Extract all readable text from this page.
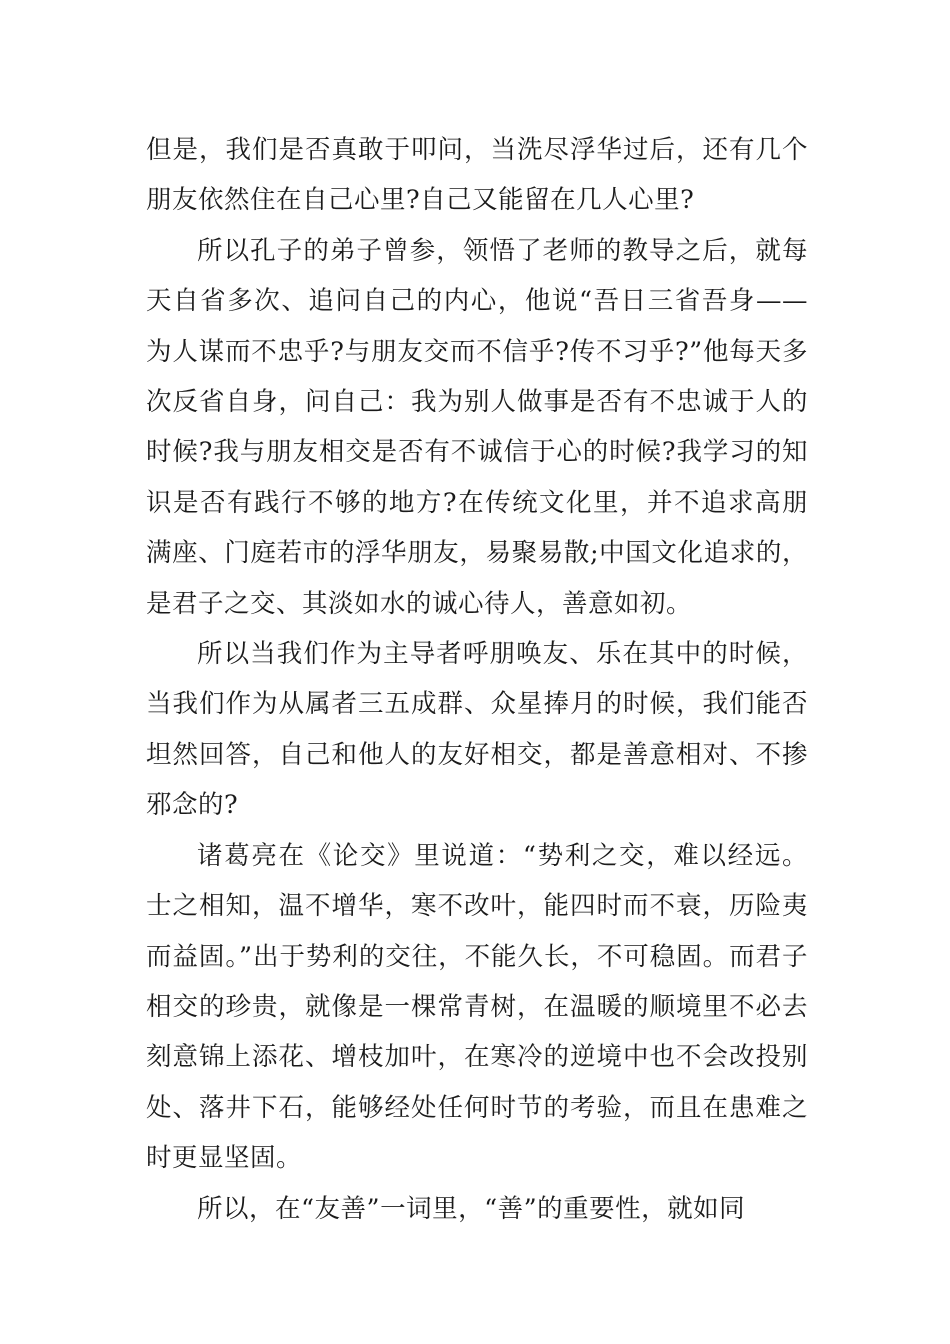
但是，我们是否真敢于叩问，当洗尽浮华过后，还有几个朋友依然住在自己心里?自己又能留在几人心里?

所以孔子的弟子曾参，领悟了老师的教导之后，就每天自省多次、追问自己的内心，他说“吾日三省吾身——为人谋而不忠乎?与朋友交而不信乎?传不习乎?”他每天多次反省自身，问自己：我为别人做事是否有不忠诚于人的时候?我与朋友相交是否有不诚信于心的时候?我学习的知识是否有践行不够的地方?在传统文化里，并不追求高朋满座、门庭若市的浮华朋友，易聚易散;中国文化追求的，是君子之交、其淡如水的诚心待人，善意如初。

所以当我们作为主导者呼朋唤友、乐在其中的时候，当我们作为从属者三五成群、众星捧月的时候，我们能否坦然回答，自己和他人的友好相交，都是善意相对、不掺邪念的?

诸葛亮在《论交》里说道：“势利之交，难以经远。士之相知，温不增华，寒不改叶，能四时而不衰，历险夷而益固。”出于势利的交往，不能久长，不可稳固。而君子相交的珍贵，就像是一棵常青树，在温暖的顺境里不必去刻意锦上添花、增枝加叶，在寒冷的逆境中也不会改投别处、落井下石，能够经处任何时节的考验，而且在患难之时更显坚固。

所以，在“友善”一词里，“善”的重要性，就如同
